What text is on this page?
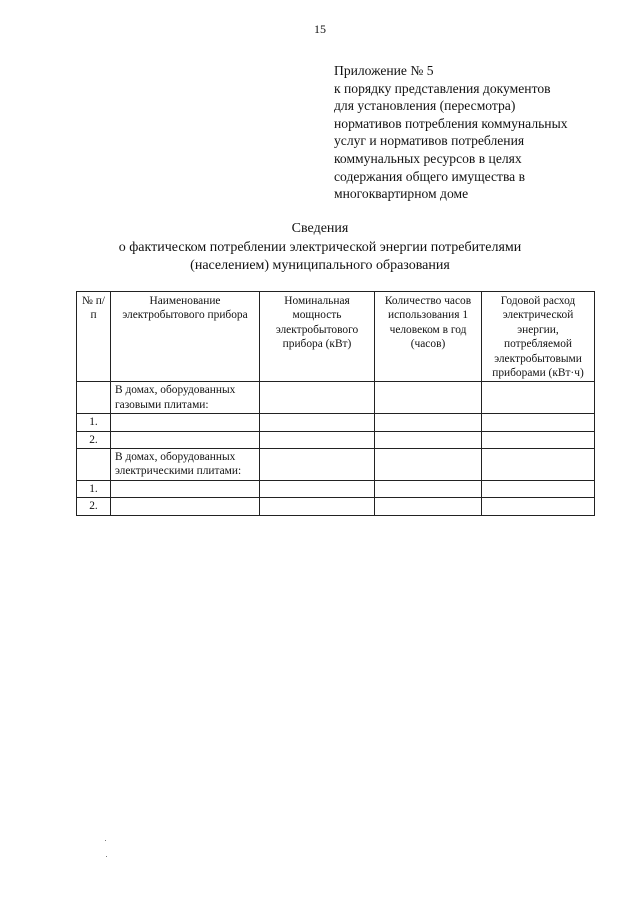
15
Приложение № 5
к порядку представления документов
для установления (пересмотра)
нормативов потребления коммунальных
услуг и нормативов потребления
коммунальных ресурсов в целях
содержания общего имущества в
многоквартирном доме
Сведения
о фактическом потреблении электрической энергии потребителями
(населением) муниципального образования
№ п/п	Наименование электробытового прибора	Номинальная мощность электробытового прибора (кВт)	Количество часов использования 1 человеком в год (часов)	Годовой расход электрической энергии, потребляемой электробытовыми приборами (кВт·ч)
	В домах, оборудованных газовыми плитами:			
1.				
2.				
	В домах, оборудованных электрическими плитами:			
1.				
2.				
